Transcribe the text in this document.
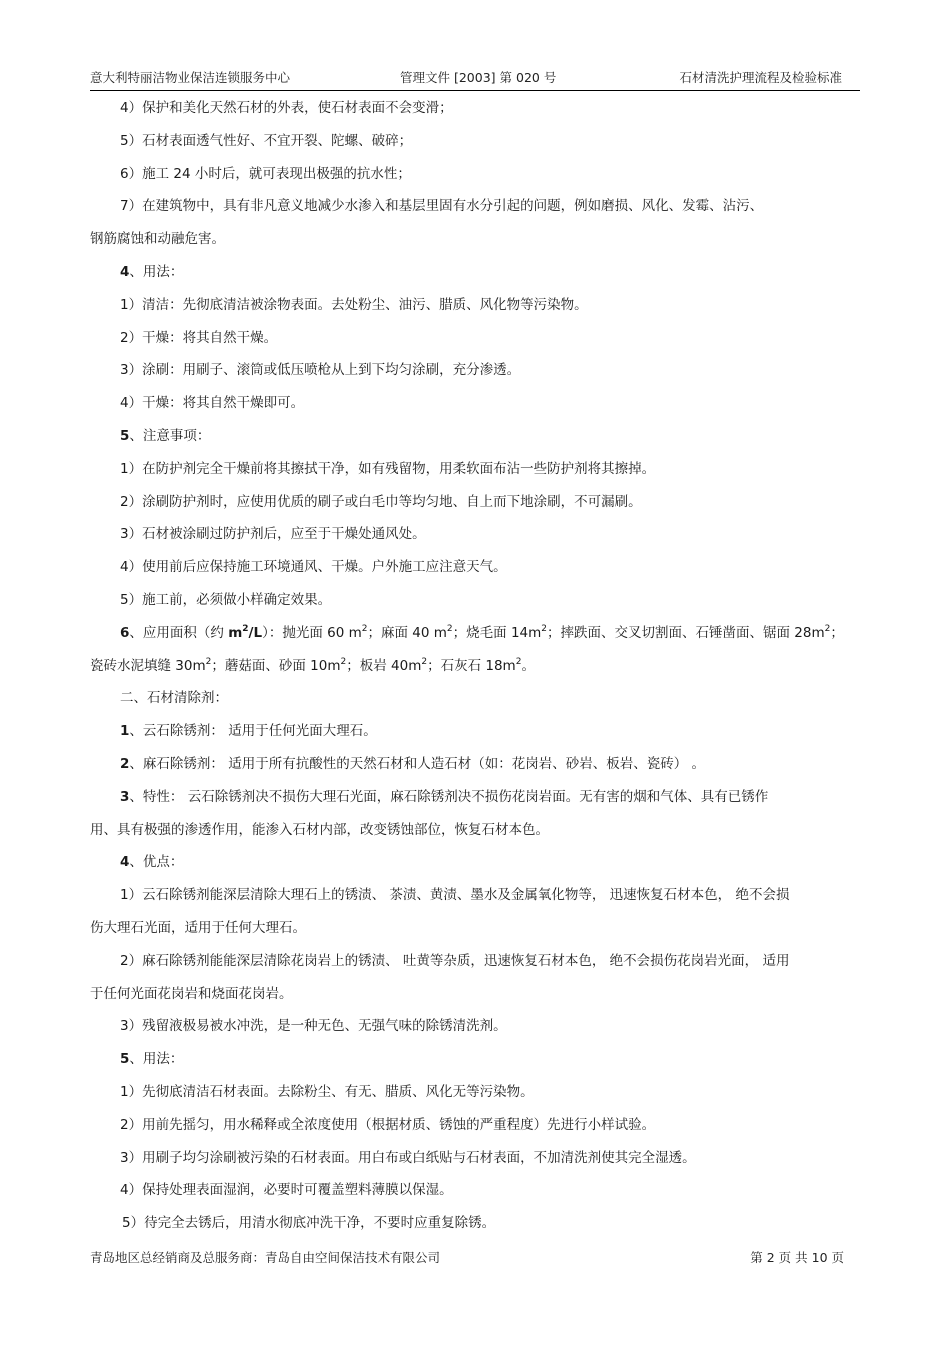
意大利特丽洁物业保洁连锁服务中心	管理文件 [2003] 第 020 号	石材清洗护理流程及检验标准
4）保护和美化天然石材的外表，使石材表面不会变滑；
5）石材表面透气性好、不宜开裂、陀螺、破碎；
6）施工 24 小时后，就可表现出极强的抗水性；
7）在建筑物中，具有非凡意义地减少水渗入和基层里固有水分引起的问题，例如磨损、风化、发霉、沾污、
钢筋腐蚀和动融危害。
4、用法：
1）清洁：先彻底清洁被涂物表面。去处粉尘、油污、腊质、风化物等污染物。
2）干燥：将其自然干燥。
3）涂刷：用刷子、滚筒或低压喷枪从上到下均匀涂刷，充分渗透。
4）干燥：将其自然干燥即可。
5、注意事项：
1）在防护剂完全干燥前将其擦拭干净，如有残留物，用柔软面布沾一些防护剂将其擦掉。
2）涂刷防护剂时，应使用优质的刷子或白毛巾等均匀地、自上而下地涂刷，不可漏刷。
3）石材被涂刷过防护剂后，应至于干燥处通风处。
4）使用前后应保持施工环境通风、干燥。户外施工应注意天气。
5）施工前，必须做小样确定效果。
6、应用面积（约 $m^2/L$）：抛光面 60 $m^2$；麻面 40 $m^2$；烧毛面 $14m^2$；摔跌面、交叉切割面、石锤凿面、锯面 $28m^2$；
瓷砖水泥填缝 $30m^2$；蘑菇面、砂面 $10m^2$；板岩 $40m^2$；石灰石 $18m^2$。
二、石材清除剂：
1、云石除锈剂： 适用于任何光面大理石。
2、麻石除锈剂： 适用于所有抗酸性的天然石材和人造石材（如：花岗岩、砂岩、板岩、瓷砖） 。
3、特性： 云石除锈剂决不损伤大理石光面，麻石除锈剂决不损伤花岗岩面。无有害的烟和气体、具有已锈作
用、具有极强的渗透作用，能渗入石材内部，改变锈蚀部位，恢复石材本色。
4、优点：
1）云石除锈剂能深层清除大理石上的锈渍、 茶渍、黄渍、墨水及金属氧化物等， 迅速恢复石材本色， 绝不会损
伤大理石光面，适用于任何大理石。
2）麻石除锈剂能能深层清除花岗岩上的锈渍、 吐黄等杂质，迅速恢复石材本色， 绝不会损伤花岗岩光面， 适用
于任何光面花岗岩和烧面花岗岩。
3）残留液极易被水冲洗，是一种无色、无强气味的除锈清洗剂。
5、用法：
1）先彻底清洁石材表面。去除粉尘、有无、腊质、风化无等污染物。
2）用前先摇匀，用水稀释或全浓度使用（根据材质、锈蚀的严重程度）先进行小样试验。
3）用刷子均匀涂刷被污染的石材表面。用白布或白纸贴与石材表面，不加清洗剂使其完全湿透。
4）保持处理表面湿润，必要时可覆盖塑料薄膜以保湿。
5）待完全去锈后，用清水彻底冲洗干净，不要时应重复除锈。
青岛地区总经销商及总服务商：青岛自由空间保洁技术有限公司	第 2 页 共 10 页
